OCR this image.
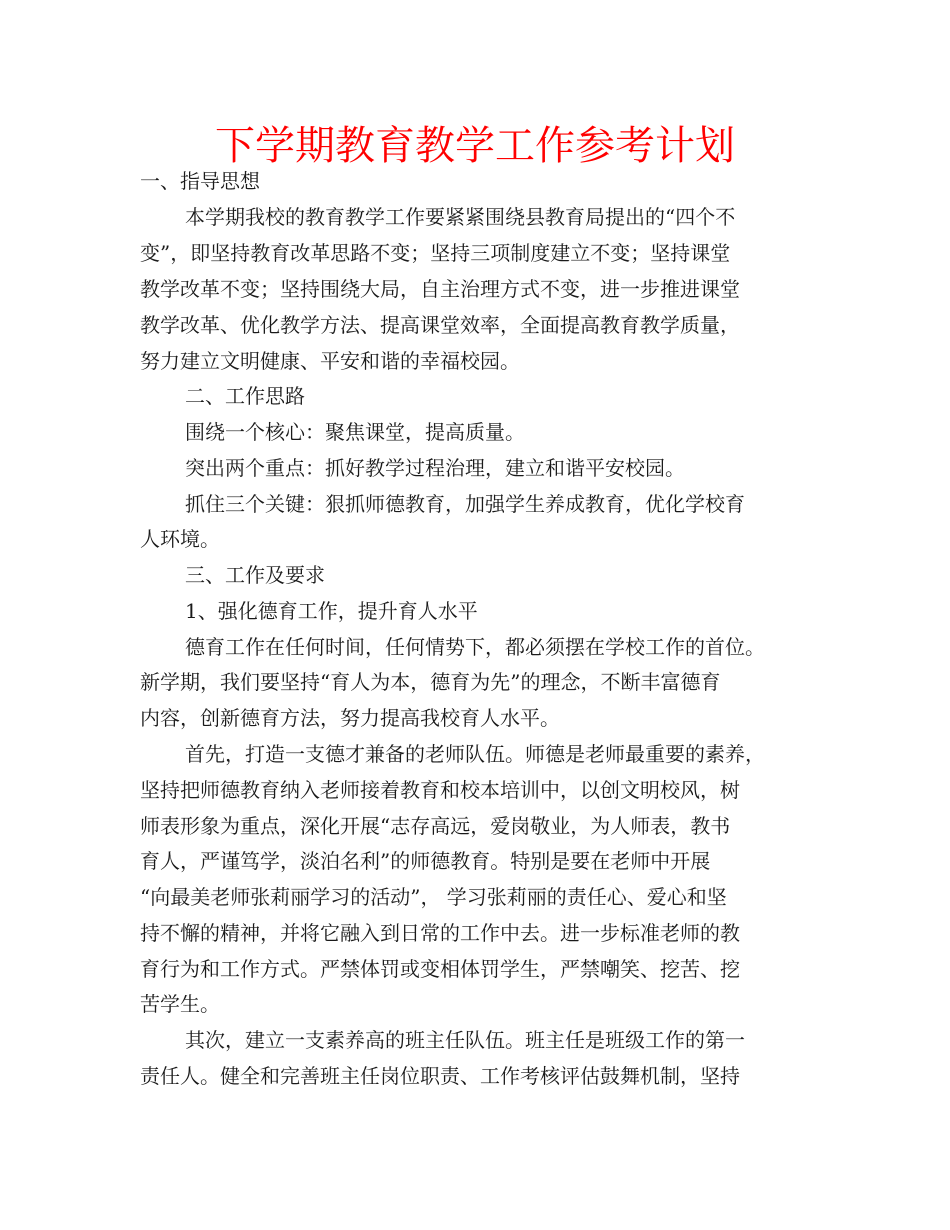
下学期教育教学工作参考计划
一、指导思想
本学期我校的教育教学工作要紧紧围绕县教育局提出的“四个不
变”，即坚持教育改革思路不变；坚持三项制度建立不变；坚持课堂
教学改革不变；坚持围绕大局，自主治理方式不变，进一步推进课堂
教学改革、优化教学方法、提高课堂效率，全面提高教育教学质量，
努力建立文明健康、平安和谐的幸福校园。
二、工作思路
围绕一个核心：聚焦课堂，提高质量。
突出两个重点：抓好教学过程治理，建立和谐平安校园。
抓住三个关键：狠抓师德教育，加强学生养成教育，优化学校育
人环境。
三、工作及要求
1、强化德育工作，提升育人水平
德育工作在任何时间，任何情势下，都必须摆在学校工作的首位。
新学期，我们要坚持“育人为本，德育为先”的理念，不断丰富德育
内容，创新德育方法，努力提高我校育人水平。
首先，打造一支德才兼备的老师队伍。师德是老师最重要的素养，
坚持把师德教育纳入老师接着教育和校本培训中，以创文明校风，树
师表形象为重点，深化开展“志存高远，爱岗敬业，为人师表，教书
育人，严谨笃学，淡泊名利”的师德教育。特别是要在老师中开展
“向最美老师张莉丽学习的活动”， 学习张莉丽的责任心、爱心和坚
持不懈的精神，并将它融入到日常的工作中去。进一步标准老师的教
育行为和工作方式。严禁体罚或变相体罚学生，严禁嘲笑、挖苦、挖
苦学生。
其次，建立一支素养高的班主任队伍。班主任是班级工作的第一
责任人。健全和完善班主任岗位职责、工作考核评估鼓舞机制，坚持
